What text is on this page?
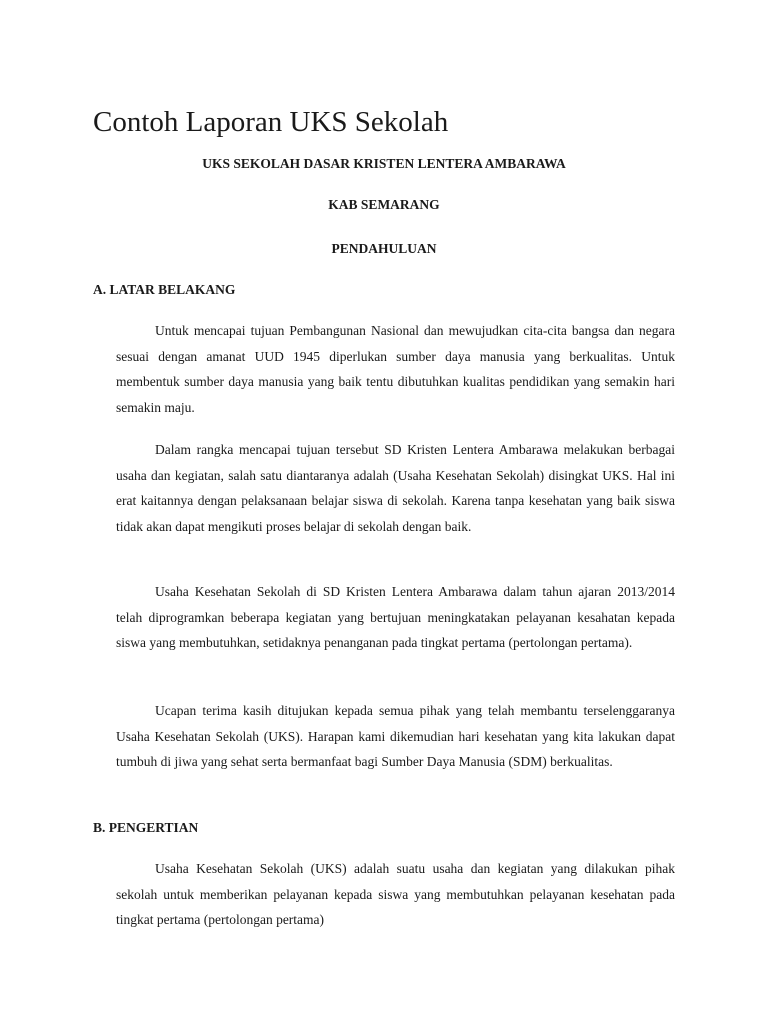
Contoh Laporan UKS Sekolah

UKS SEKOLAH DASAR KRISTEN LENTERA AMBARAWA

KAB SEMARANG

PENDAHULUAN

A. LATAR BELAKANG

Untuk mencapai tujuan Pembangunan Nasional dan mewujudkan cita-cita bangsa dan negara sesuai dengan amanat UUD 1945 diperlukan sumber daya manusia yang berkualitas. Untuk membentuk sumber daya manusia yang baik tentu dibutuhkan kualitas pendidikan yang semakin hari semakin maju.

Dalam rangka mencapai tujuan tersebut SD Kristen Lentera Ambarawa melakukan berbagai usaha dan kegiatan, salah satu diantaranya adalah (Usaha Kesehatan Sekolah) disingkat UKS. Hal ini erat kaitannya dengan pelaksanaan belajar siswa di sekolah. Karena tanpa kesehatan yang baik siswa tidak akan dapat mengikuti proses belajar di sekolah dengan baik.

Usaha Kesehatan Sekolah di SD Kristen Lentera Ambarawa dalam tahun ajaran 2013/2014 telah diprogramkan beberapa kegiatan yang bertujuan meningkatakan pelayanan kesahatan kepada siswa yang membutuhkan, setidaknya penanganan pada tingkat pertama (pertolongan pertama).

Ucapan terima kasih ditujukan kepada semua pihak yang telah membantu terselenggaranya Usaha Kesehatan Sekolah (UKS). Harapan kami dikemudian hari kesehatan yang kita lakukan dapat tumbuh di jiwa yang sehat serta bermanfaat bagi Sumber Daya Manusia (SDM) berkualitas.

B. PENGERTIAN

Usaha Kesehatan Sekolah (UKS) adalah suatu usaha dan kegiatan yang dilakukan pihak sekolah untuk memberikan pelayanan kepada siswa yang membutuhkan pelayanan kesehatan pada tingkat pertama (pertolongan pertama)
